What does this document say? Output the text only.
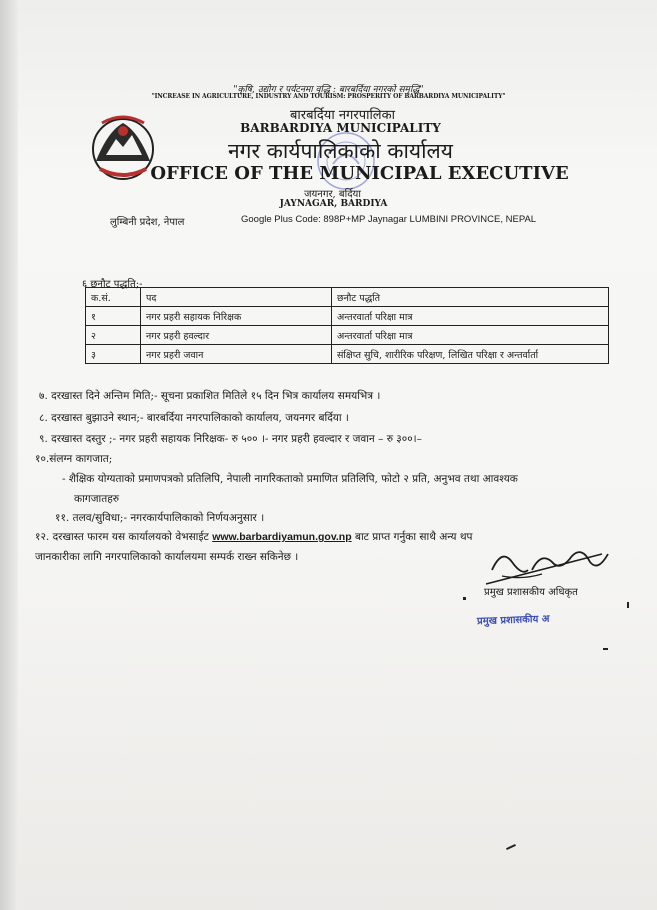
"कृषि, उद्योग र पर्यटनमा वृद्धि : बारबर्दिया नगरको समृद्धि"
"INCREASE IN AGRICULTURE, INDUSTRY AND TOURISM: PROSPERITY OF BARBARDIYA MUNICIPALITY"
बारबर्दिया नगरपालिका
BARBARDIYA MUNICIPALITY
नगर कार्यपालिकाको कार्यालय
OFFICE OF THE MUNICIPAL EXECUTIVE
जयनगर, बर्दिया
JAYNAGAR, BARDIYA
लुम्बिनी प्रदेश, नेपाल	Google Plus Code: 898P+MP Jaynagar LUMBINI PROVINCE, NEPAL
६ छनौट पद्धति;-
क.सं.	पद	छनौट पद्धति
१	नगर प्रहरी सहायक निरिक्षक	अन्तरवार्ता परिक्षा मात्र
२	नगर प्रहरी हवल्दार	अन्तरवार्ता परिक्षा मात्र
३	नगर प्रहरी जवान	संक्षिप्त सुचि, शारीरिक परिक्षण, लिखित परिक्षा र अन्तर्वार्ता
७. दरखास्त दिने अन्तिम मिति;- सूचना प्रकाशित मितिले १५ दिन भित्र कार्यालय समयभित्र ।
८. दरखास्त बुझाउने स्थान;- बारबर्दिया नगरपालिकाको कार्यालय, जयनगर बर्दिया ।
९. दरखास्त दस्तुर ;- नगर प्रहरी सहायक निरिक्षक- रु ५०० ।- नगर प्रहरी हवल्दार र जवान – रु ३००।–
१०.संलग्न कागजात;
- शैक्षिक योग्यताको प्रमाणपत्रको प्रतिलिपि, नेपाली नागरिकताको प्रमाणित प्रतिलिपि, फोटो २ प्रति, अनुभव तथा आवश्यक
कागजातहरु
११. तलव/सुविधा;- नगरकार्यपालिकाको निर्णयअनुसार ।
१२. दरखास्त फारम यस कार्यालयको वेभसाईट www.barbardiyamun.gov.np बाट प्राप्त गर्नुका साथै अन्य थप
जानकारीका लागि नगरपालिकाको कार्यालयमा सम्पर्क राख्न सकिनेछ ।
प्रमुख प्रशासकीय अधिकृत
प्रमुख प्रशासकीय अ
